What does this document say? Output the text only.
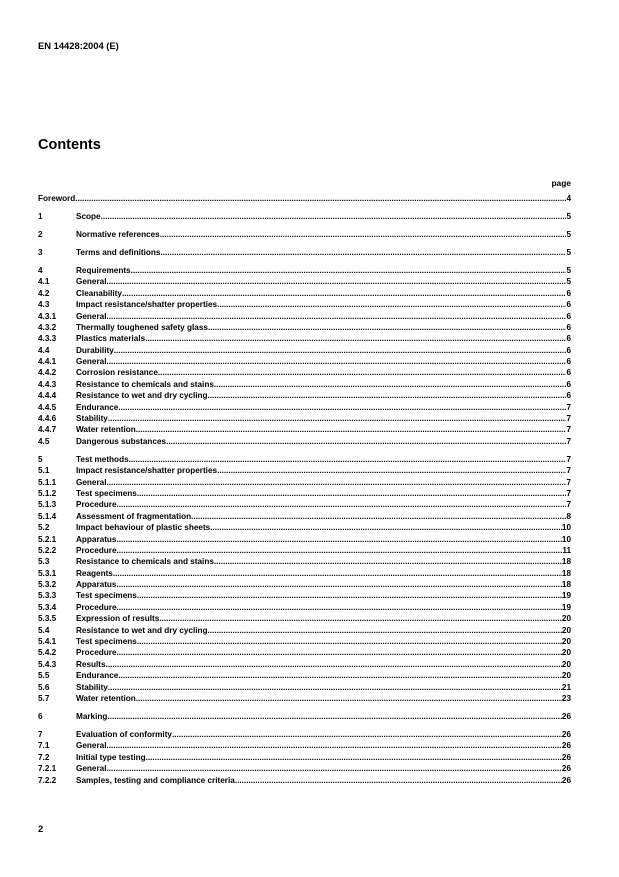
EN 14428:2004 (E)
Contents
page
Foreword .....	4
1	Scope .....	5
2	Normative references .....	5
3	Terms and definitions .....	5
4	Requirements .....	5
4.1	General .....	5
4.2	Cleanability .....	6
4.3	Impact resistance/shatter properties .....	6
4.3.1	General .....	6
4.3.2	Thermally toughened safety glass .....	6
4.3.3	Plastics materials .....	6
4.4	Durability .....	6
4.4.1	General .....	6
4.4.2	Corrosion resistance .....	6
4.4.3	Resistance to chemicals and stains .....	6
4.4.4	Resistance to wet and dry cycling .....	6
4.4.5	Endurance .....	7
4.4.6	Stability .....	7
4.4.7	Water retention .....	7
4.5	Dangerous substances .....	7
5	Test methods .....	7
5.1	Impact resistance/shatter properties .....	7
5.1.1	General .....	7
5.1.2	Test specimens .....	7
5.1.3	Procedure .....	7
5.1.4	Assessment of fragmentation .....	8
5.2	Impact behaviour of plastic sheets .....	10
5.2.1	Apparatus .....	10
5.2.2	Procedure .....	11
5.3	Resistance to chemicals and stains .....	18
5.3.1	Reagents .....	18
5.3.2	Apparatus .....	18
5.3.3	Test specimens .....	19
5.3.4	Procedure .....	19
5.3.5	Expression of results .....	20
5.4	Resistance to wet and dry cycling .....	20
5.4.1	Test specimens .....	20
5.4.2	Procedure .....	20
5.4.3	Results .....	20
5.5	Endurance .....	20
5.6	Stability .....	21
5.7	Water retention .....	23
6	Marking .....	26
7	Evaluation of conformity .....	26
7.1	General .....	26
7.2	Initial type testing .....	26
7.2.1	General .....	26
7.2.2	Samples, testing and compliance criteria .....	26
2
